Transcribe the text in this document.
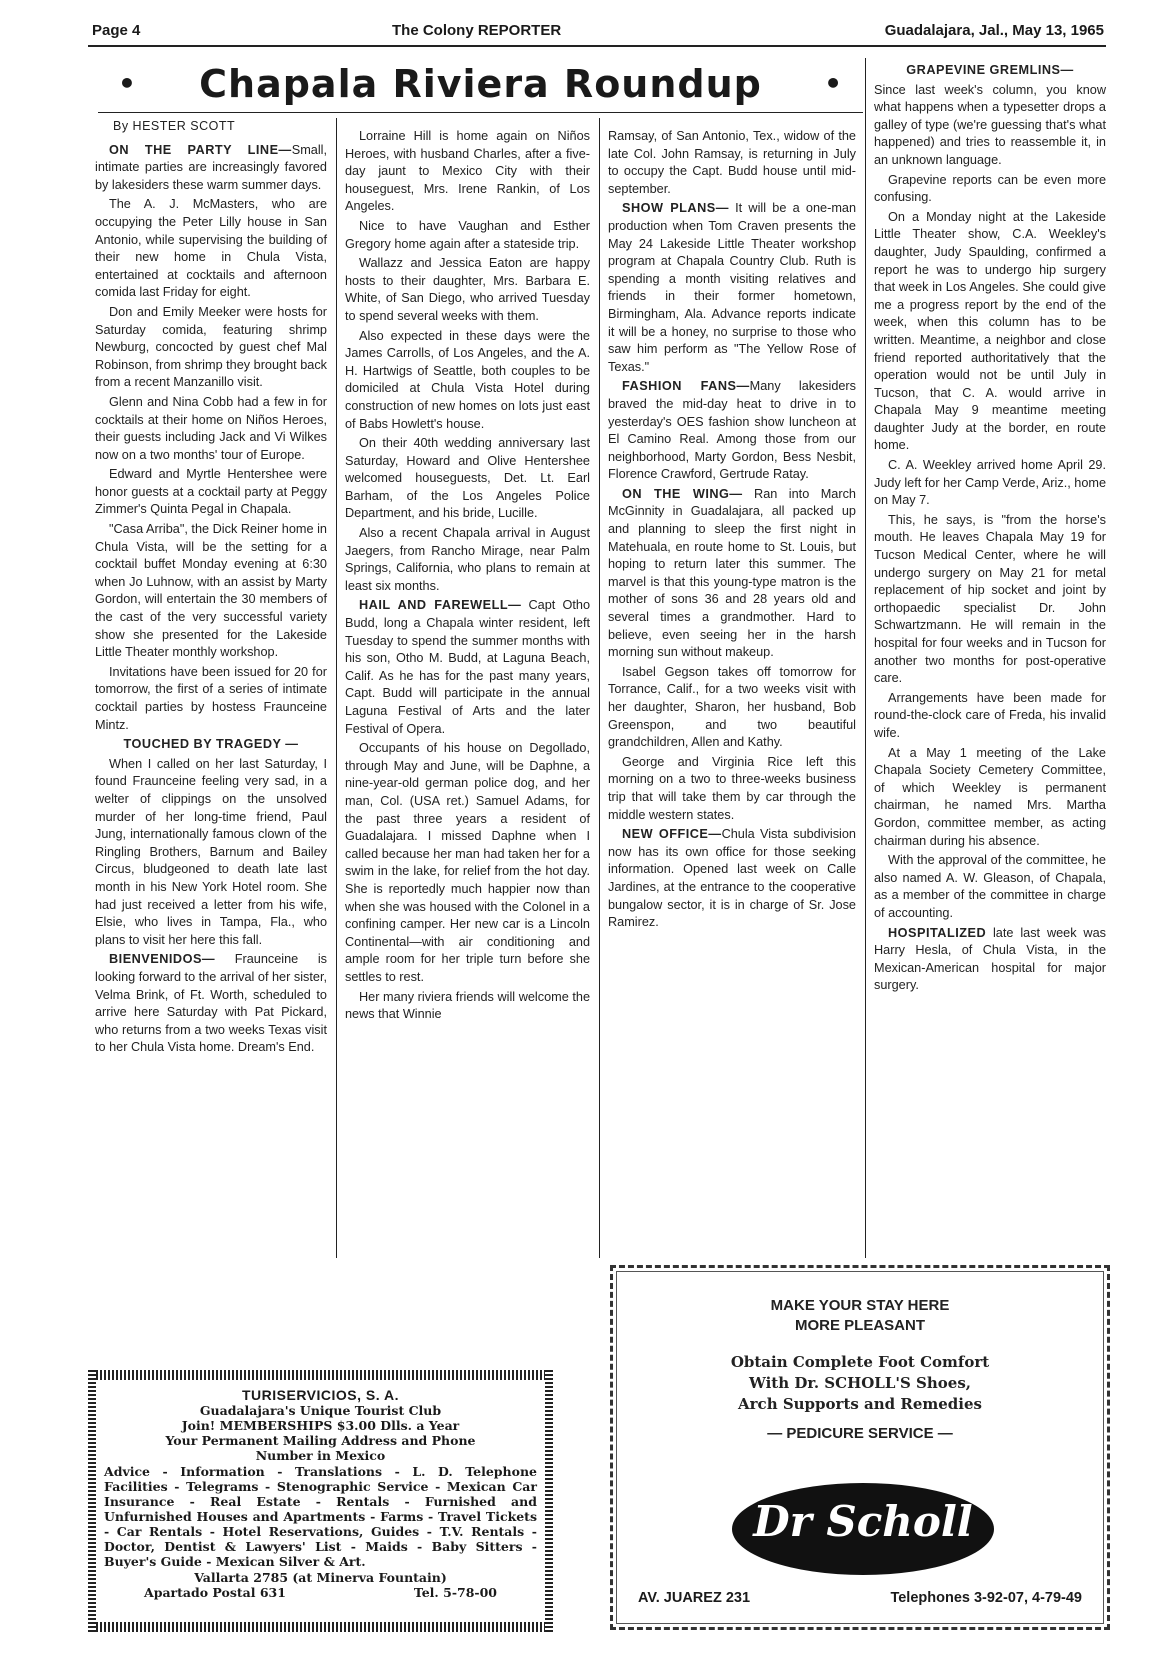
Page 4	The Colony REPORTER	Guadalajara, Jal., May 13, 1965
• Chapala Riviera Roundup •
By HESTER SCOTT

ON THE PARTY LINE—Small, intimate parties are increasingly favored by lakesiders these warm summer days.

The A. J. McMasters, who are occupying the Peter Lilly house in San Antonio, while supervising the building of their new home in Chula Vista, entertained at cocktails and afternoon comida last Friday for eight.

Don and Emily Meeker were hosts for Saturday comida, featuring shrimp Newburg, concocted by guest chef Mal Robinson, from shrimp they brought back from a recent Manzanillo visit.

Glenn and Nina Cobb had a few in for cocktails at their home on Niños Heroes, their guests including Jack and Vi Wilkes now on a two months' tour of Europe.

Edward and Myrtle Hentershee were honor guests at a cocktail party at Peggy Zimmer's Quinta Pegal in Chapala.

"Casa Arriba", the Dick Reiner home in Chula Vista, will be the setting for a cocktail buffet Monday evening at 6:30 when Jo Luhnow, with an assist by Marty Gordon, will entertain the 30 members of the cast of the very successful variety show she presented for the Lakeside Little Theater monthly workshop.

Invitations have been issued for 20 for tomorrow, the first of a series of intimate cocktail parties by hostess Fraunceine Mintz.

TOUCHED BY TRAGEDY —

When I called on her last Saturday, I found Fraunceine feeling very sad, in a welter of clippings on the unsolved murder of her long-time friend, Paul Jung, internationally famous clown of the Ringling Brothers, Barnum and Bailey Circus, bludgeoned to death late last month in his New York Hotel room. She had just received a letter from his wife, Elsie, who lives in Tampa, Fla., who plans to visit her here this fall.

BIENVENIDOS— Fraunceine is looking forward to the arrival of her sister, Velma Brink, of Ft. Worth, scheduled to arrive here Saturday with Pat Pickard, who returns from a two weeks Texas visit to her Chula Vista home. Dream's End.

Lorraine Hill is home again on Niños Heroes, with husband Charles, after a five-day jaunt to Mexico City with their houseguest, Mrs. Irene Rankin, of Los Angeles.

Nice to have Vaughan and Esther Gregory home again after a stateside trip.

Wallazz and Jessica Eaton are happy hosts to their daughter, Mrs. Barbara E. White, of San Diego, who arrived Tuesday to spend several weeks with them.

Also expected in these days were the James Carrolls, of Los Angeles, and the A. H. Hartwigs of Seattle, both couples to be domiciled at Chula Vista Hotel during construction of new homes on lots just east of Babs Howlett's house.

On their 40th wedding anniversary last Saturday, Howard and Olive Hentershee welcomed houseguests, Det. Lt. Earl Barham, of the Los Angeles Police Department, and his bride, Lucille.

Also a recent Chapala arrival in August Jaegers, from Rancho Mirage, near Palm Springs, California, who plans to remain at least six months.

HAIL AND FAREWELL— Capt Otho Budd, long a Chapala winter resident, left Tuesday to spend the summer months with his son, Otho M. Budd, at Laguna Beach, Calif. As he has for the past many years, Capt. Budd will participate in the annual Laguna Festival of Arts and the later Festival of Opera.

Occupants of his house on Degollado, through May and June, will be Daphne, a nine-year-old german police dog, and her man, Col. (USA ret.) Samuel Adams, for the past three years a resident of Guadalajara. I missed Daphne when I called because her man had taken her for a swim in the lake, for relief from the hot day. She is reportedly much happier now than when she was housed with the Colonel in a confining camper. Her new car is a Lincoln Continental—with air conditioning and ample room for her triple turn before she settles to rest.

Her many riviera friends will welcome the news that Winnie

Ramsay, of San Antonio, Tex., widow of the late Col. John Ramsay, is returning in July to occupy the Capt. Budd house until mid-september.

SHOW PLANS— It will be a one-man production when Tom Craven presents the May 24 Lakeside Little Theater workshop program at Chapala Country Club. Ruth is spending a month visiting relatives and friends in their former hometown, Birmingham, Ala. Advance reports indicate it will be a honey, no surprise to those who saw him perform as "The Yellow Rose of Texas."

FASHION FANS—Many lakesiders braved the mid-day heat to drive in to yesterday's OES fashion show luncheon at El Camino Real. Among those from our neighborhood, Marty Gordon, Bess Nesbit, Florence Crawford, Gertrude Ratay.

ON THE WING— Ran into March McGinnity in Guadalajara, all packed up and planning to sleep the first night in Matehuala, en route home to St. Louis, but hoping to return later this summer. The marvel is that this young-type matron is the mother of sons 36 and 28 years old and several times a grandmother. Hard to believe, even seeing her in the harsh morning sun without makeup.

Isabel Gegson takes off tomorrow for Torrance, Calif., for a two weeks visit with her daughter, Sharon, her husband, Bob Greenspon, and two beautiful grandchildren, Allen and Kathy.

George and Virginia Rice left this morning on a two to three-weeks business trip that will take them by car through the middle western states.

NEW OFFICE—Chula Vista subdivision now has its own office for those seeking information. Opened last week on Calle Jardines, at the entrance to the cooperative bungalow sector, it is in charge of Sr. Jose Ramirez.

GRAPEVINE GREMLINS—

Since last week's column, you know what happens when a typesetter drops a galley of type (we're guessing that's what happened) and tries to reassemble it, in an unknown language.

Grapevine reports can be even more confusing.

On a Monday night at the Lakeside Little Theater show, C.A. Weekley's daughter, Judy Spaulding, confirmed a report he was to undergo hip surgery that week in Los Angeles. She could give me a progress report by the end of the week, when this column has to be written. Meantime, a neighbor and close friend reported authoritatively that the operation would not be until July in Tucson, that C. A. would arrive in Chapala May 9 meantime meeting daughter Judy at the border, en route home.

C. A. Weekley arrived home April 29. Judy left for her Camp Verde, Ariz., home on May 7.

This, he says, is "from the horse's mouth. He leaves Chapala May 19 for Tucson Medical Center, where he will undergo surgery on May 21 for metal replacement of hip socket and joint by orthopaedic specialist Dr. John Schwartzmann. He will remain in the hospital for four weeks and in Tucson for another two months for post-operative care.

Arrangements have been made for round-the-clock care of Freda, his invalid wife.

At a May 1 meeting of the Lake Chapala Society Cemetery Committee, of which Weekley is permanent chairman, he named Mrs. Martha Gordon, committee member, as acting chairman during his absence.

With the approval of the committee, he also named A. W. Gleason, of Chapala, as a member of the committee in charge of accounting.

HOSPITALIZED late last week was Harry Hesla, of Chula Vista, in the Mexican-American hospital for major surgery.

TURISERVICIOS, S. A.
Guadalajara's Unique Tourist Club
Join! MEMBERSHIPS $3.00 Dlls. a Year
Your Permanent Mailing Address and Phone
Number in Mexico
Advice - Information - Translations - L. D. Telephone Facilities - Telegrams - Stenographic Service - Mexican Car Insurance - Real Estate - Rentals - Furnished and Unfurnished Houses and Apartments - Farms - Travel Tickets - Car Rentals - Hotel Reservations, Guides - T.V. Rentals - Doctor, Dentist & Lawyers' List - Maids - Baby Sitters - Buyer's Guide - Mexican Silver & Art.
Vallarta 2785 (at Minerva Fountain)
Apartado Postal 631	Tel. 5-78-00
MAKE YOUR STAY HERE
MORE PLEASANT
Obtain Complete Foot Comfort
With Dr. SCHOLL'S Shoes,
Arch Supports and Remedies
— PEDICURE SERVICE —
Dr Scholl
AV. JUAREZ 231	Telephones 3-92-07, 4-79-49
